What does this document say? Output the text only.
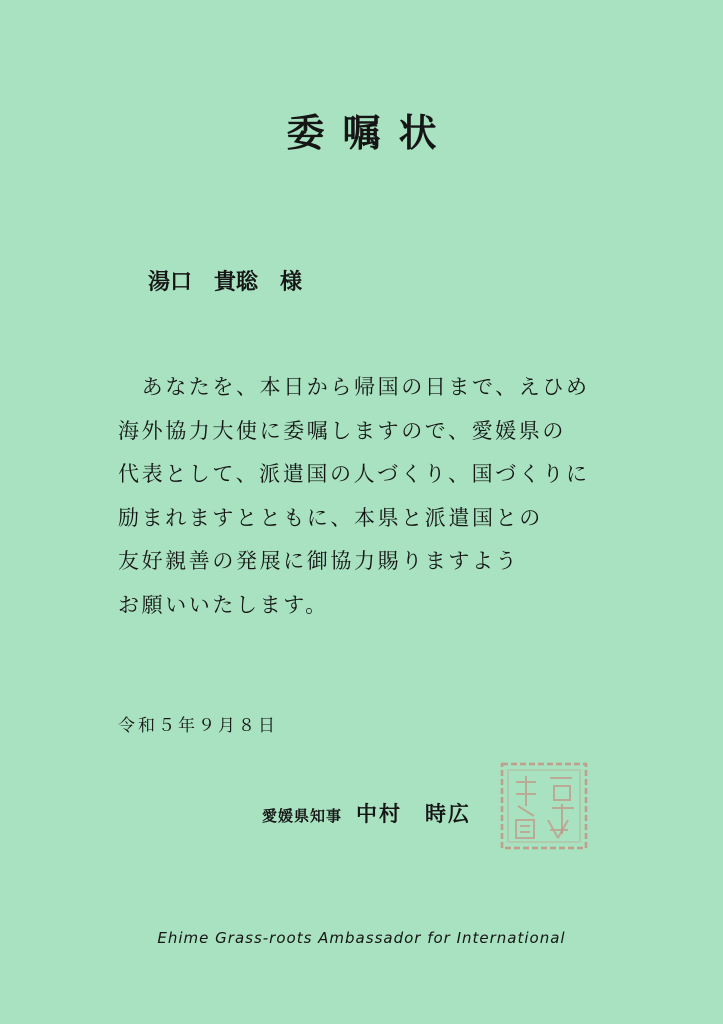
委嘱状
湯口　貴聡　様
　あなたを、本日から帰国の日まで、えひめ
海外協力大使に委嘱しますので、愛媛県の
代表として、派遣国の人づくり、国づくりに
励まれますとともに、本県と派遣国との
友好親善の発展に御協力賜りますよう
お願いいたします。
令和５年９月８日
愛媛県知事 中村　時広
Ehime Grass-roots Ambassador for International
